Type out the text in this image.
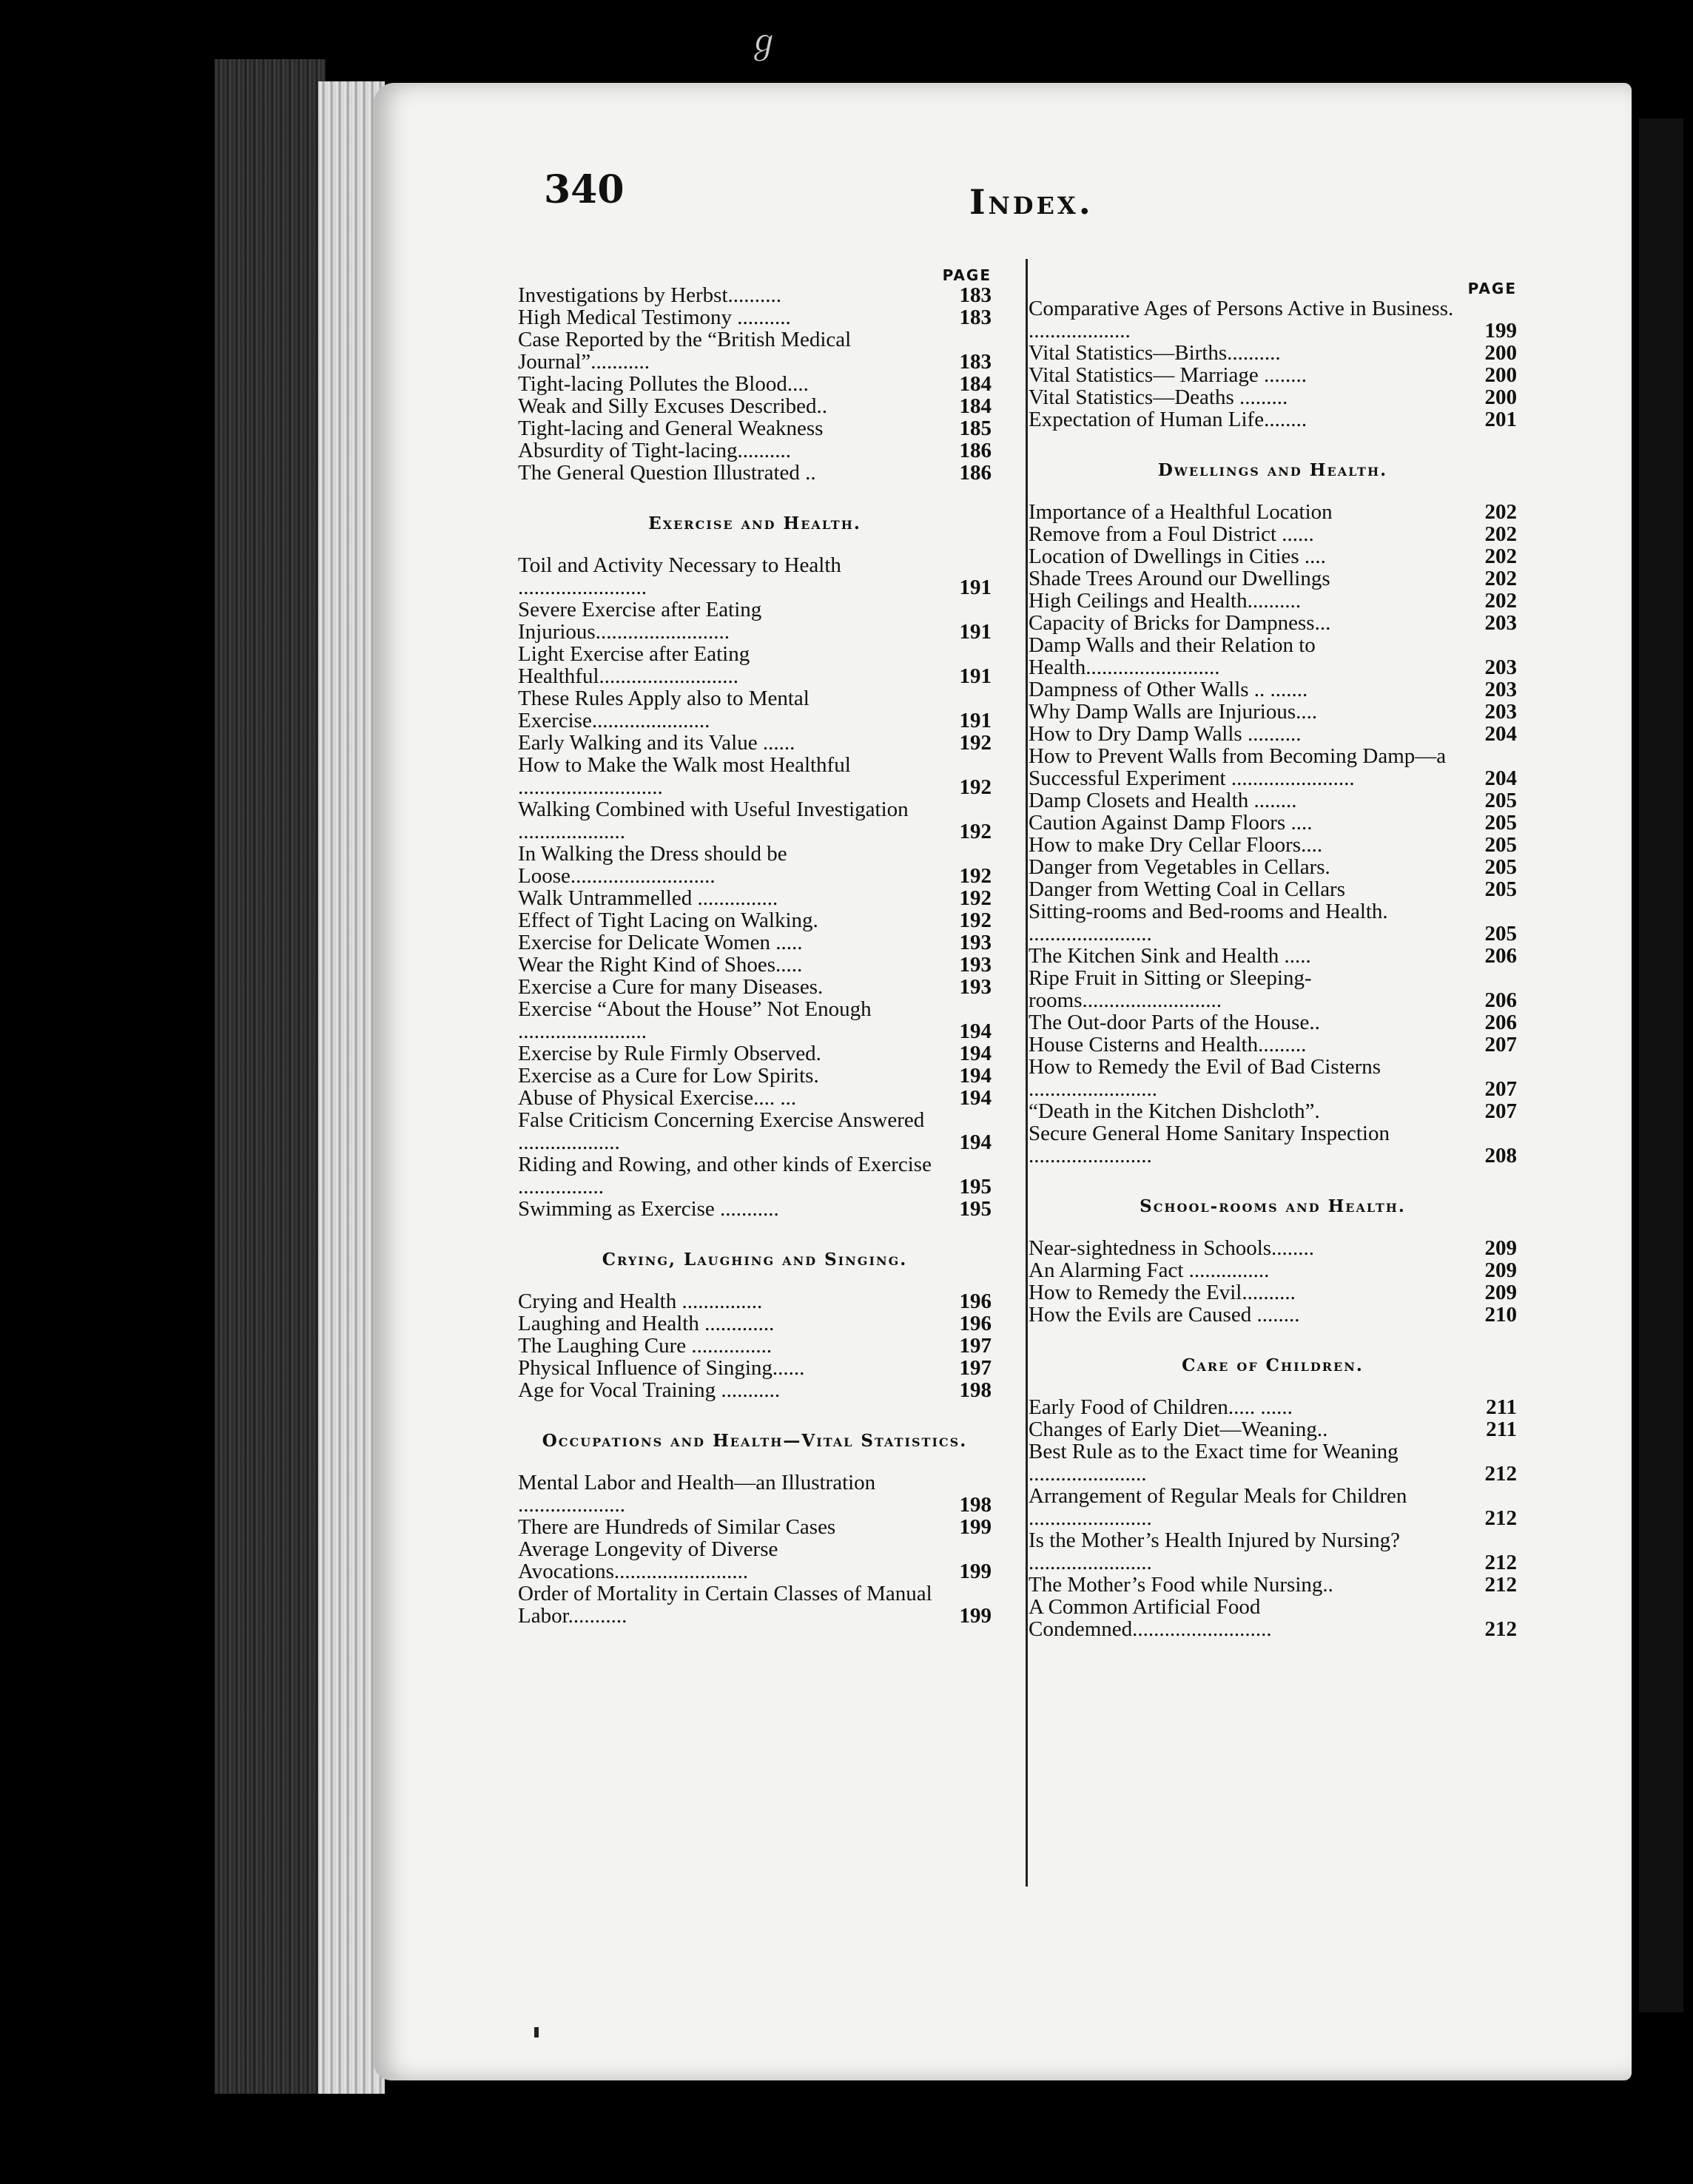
ℊ
340	Index.
PAGE
Investigations by Herbst..........	183
High Medical Testimony ..........	183
Case Reported by the “British Medical Journal”...........	183
Tight-lacing Pollutes the Blood....	184
Weak and Silly Excuses Described..	184
Tight-lacing and General Weakness	185
Absurdity of Tight-lacing..........	186
The General Question Illustrated ..	186
Exercise and Health.
Toil and Activity Necessary to Health ........................	191
Severe Exercise after Eating Injurious.........................	191
Light Exercise after Eating Healthful..........................	191
These Rules Apply also to Mental Exercise......................	191
Early Walking and its Value ......	192
How to Make the Walk most Healthful ...........................	192
Walking Combined with Useful Investigation ....................	192
In Walking the Dress should be Loose...........................	192
Walk Untrammelled ...............	192
Effect of Tight Lacing on Walking.	192
Exercise for Delicate Women .....	193
Wear the Right Kind of Shoes.....	193
Exercise a Cure for many Diseases.	193
Exercise “About the House” Not Enough ........................	194
Exercise by Rule Firmly Observed.	194
Exercise as a Cure for Low Spirits.	194
Abuse of Physical Exercise.... ...	194
False Criticism Concerning Exercise Answered ...................	194
Riding and Rowing, and other kinds of Exercise ................	195
Swimming as Exercise ...........	195
Crying, Laughing and Singing.
Crying and Health ...............	196
Laughing and Health .............	196
The Laughing Cure ...............	197
Physical Influence of Singing......	197
Age for Vocal Training ...........	198
Occupations and Health—Vital Statistics.
Mental Labor and Health—an Illustration ....................	198
There are Hundreds of Similar Cases	199
Average Longevity of Diverse Avocations.........................	199
Order of Mortality in Certain Classes of Manual Labor...........	199
PAGE
Comparative Ages of Persons Active in Business. ...................	199
Vital Statistics—Births..........	200
Vital Statistics— Marriage ........	200
Vital Statistics—Deaths .........	200
Expectation of Human Life........	201
Dwellings and Health.
Importance of a Healthful Location	202
Remove from a Foul District ......	202
Location of Dwellings in Cities ....	202
Shade Trees Around our Dwellings	202
High Ceilings and Health..........	202
Capacity of Bricks for Dampness...	203
Damp Walls and their Relation to Health.........................	203
Dampness of Other Walls .. .......	203
Why Damp Walls are Injurious....	203
How to Dry Damp Walls ..........	204
How to Prevent Walls from Becoming Damp—a Successful Experiment .......................	204
Damp Closets and Health ........	205
Caution Against Damp Floors ....	205
How to make Dry Cellar Floors....	205
Danger from Vegetables in Cellars.	205
Danger from Wetting Coal in Cellars	205
Sitting-rooms and Bed-rooms and Health. .......................	205
The Kitchen Sink and Health .....	206
Ripe Fruit in Sitting or Sleeping-rooms..........................	206
The Out-door Parts of the House..	206
House Cisterns and Health.........	207
How to Remedy the Evil of Bad Cisterns ........................	207
“Death in the Kitchen Dishcloth”.	207
Secure General Home Sanitary Inspection .......................	208
School-rooms and Health.
Near-sightedness in Schools........	209
An Alarming Fact ...............	209
How to Remedy the Evil..........	209
How the Evils are Caused ........	210
Care of Children.
Early Food of Children..... ......	211
Changes of Early Diet—Weaning..	211
Best Rule as to the Exact time for Weaning ......................	212
Arrangement of Regular Meals for Children .......................	212
Is the Mother’s Health Injured by Nursing? .......................	212
The Mother’s Food while Nursing..	212
A Common Artificial Food Condemned..........................	212
